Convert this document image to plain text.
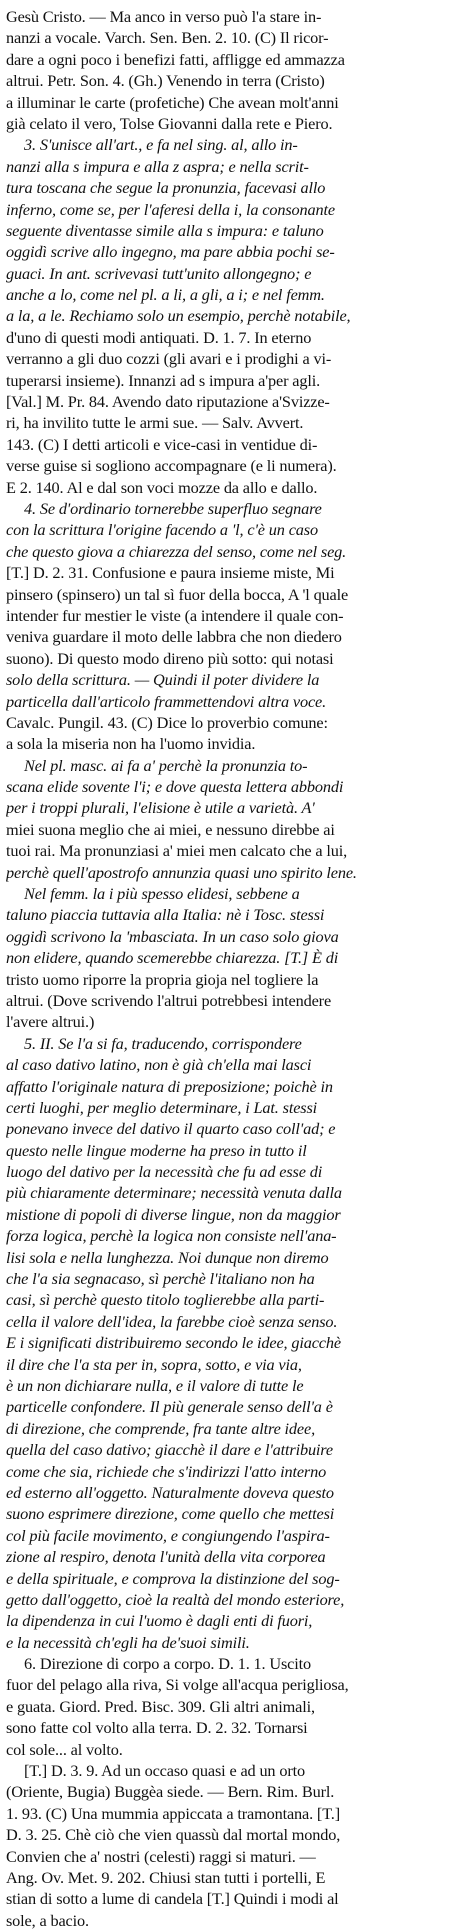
Gesù Cristo. — Ma anco in verso può l'a stare in-
nanzi a vocale. Varch. Sen. Ben. 2. 10. (C) Il ricor-
dare a ogni poco i benefizi fatti, affligge ed ammazza
altrui. Petr. Son. 4. (Gh.) Venendo in terra (Cristo)
a illuminar le carte (profetiche) Che avean molt'anni
già celato il vero, Tolse Giovanni dalla rete e Piero.
3. S'unisce all'art., e fa nel sing. al, allo in-
nanzi alla s impura e alla z aspra; e nella scrit-
tura toscana che segue la pronunzia, facevasi allo
inferno, come se, per l'aferesi della i, la consonante
seguente diventasse simile alla s impura: e taluno
oggidì scrive allo ingegno, ma pare abbia pochi se-
guaci. In ant. scrivevasi tutt'unito allongegno; e
anche a lo, come nel pl. a li, a gli, a i; e nel femm.
a la, a le. Rechiamo solo un esempio, perchè notabile,
d'uno di questi modi antiquati. D. 1. 7. In eterno
verranno a gli duo cozzi (gli avari e i prodighi a vi-
tuperarsi insieme). Innanzi ad s impura a'per agli.
[Val.] M. Pr. 84. Avendo dato riputazione a'Svizze-
ri, ha invilito tutte le armi sue. — Salv. Avvert.
143. (C) I detti articoli e vice-casi in ventidue di-
verse guise si sogliono accompagnare (e li numera).
E 2. 140. Al e dal son voci mozze da allo e dallo.
4. Se d'ordinario tornerebbe superfluo segnare
con la scrittura l'origine facendo a 'l, c'è un caso
che questo giova a chiarezza del senso, come nel seg.
[T.] D. 2. 31. Confusione e paura insieme miste, Mi
pinsero (spinsero) un tal sì fuor della bocca, A 'l quale
intender fur mestier le viste (a intendere il quale con-
veniva guardare il moto delle labbra che non diedero
suono). Di questo modo direno più sotto: qui notasi
solo della scrittura. — Quindi il poter dividere la
particella dall'articolo frammettendovi altra voce.
Cavalc. Pungil. 43. (C) Dice lo proverbio comune:
a sola la miseria non ha l'uomo invidia.
Nel pl. masc. ai fa a' perchè la pronunzia to-
scana elide sovente l'i; e dove questa lettera abbondi
per i troppi plurali, l'elisione è utile a varietà. A'
miei suona meglio che ai miei, e nessuno direbbe ai
tuoi rai. Ma pronunziasi a' miei men calcato che a lui,
perchè quell'apostrofo annunzia quasi uno spirito lene.
Nel femm. la i più spesso elidesi, sebbene a
taluno piaccia tuttavia alla Italia: nè i Tosc. stessi
oggidì scrivono la 'mbasciata. In un caso solo giova
non elidere, quando scemerebbe chiarezza. [T.] È di
tristo uomo riporre la propria gioja nel togliere la
altrui. (Dove scrivendo l'altrui potrebbesi intendere
l'avere altrui.)
5. II. Se l'a si fa, traducendo, corrispondere
al caso dativo latino, non è già ch'ella mai lasci
affatto l'originale natura di preposizione; poichè in
certi luoghi, per meglio determinare, i Lat. stessi
ponevano invece del dativo il quarto caso coll'ad; e
questo nelle lingue moderne ha preso in tutto il
luogo del dativo per la necessità che fu ad esse di
più chiaramente determinare; necessità venuta dalla
mistione di popoli di diverse lingue, non da maggior
forza logica, perchè la logica non consiste nell'ana-
lisi sola e nella lunghezza. Noi dunque non diremo
che l'a sia segnacaso, sì perchè l'italiano non ha
casi, sì perchè questo titolo toglierebbe alla parti-
cella il valore dell'idea, la farebbe cioè senza senso.
E i significati distribuiremo secondo le idee, giacchè
il dire che l'a sta per in, sopra, sotto, e via via,
è un non dichiarare nulla, e il valore di tutte le
particelle confondere. Il più generale senso dell'a è
di direzione, che comprende, fra tante altre idee,
quella del caso dativo; giacchè il dare e l'attribuire
come che sia, richiede che s'indirizzi l'atto interno
ed esterno all'oggetto. Naturalmente doveva questo
suono esprimere direzione, come quello che mettesi
col più facile movimento, e congiungendo l'aspira-
zione al respiro, denota l'unità della vita corporea
e della spirituale, e comprova la distinzione del sog-
getto dall'oggetto, cioè la realtà del mondo esteriore,
la dipendenza in cui l'uomo è dagli enti di fuori,
e la necessità ch'egli ha de'suoi simili.
6. Direzione di corpo a corpo. D. 1. 1. Uscito
fuor del pelago alla riva, Si volge all'acqua perigliosa,
e guata. Giord. Pred. Bisc. 309. Gli altri animali,
sono fatte col volto alla terra. D. 2. 32. Tornarsi
col sole... al volto.
[T.] D. 3. 9. Ad un occaso quasi e ad un orto
(Oriente, Bugia) Buggèa siede. — Bern. Rim. Burl.
1. 93. (C) Una mummia appiccata a tramontana. [T.]
D. 3. 25. Chè ciò che vien quassù dal mortal mondo,
Convien che a' nostri (celesti) raggi si maturi. —
Ang. Ov. Met. 9. 202. Chiusi stan tutti i portelli, E
stian di sotto a lume di candela [T.] Quindi i modi al
sole, a bacio.
